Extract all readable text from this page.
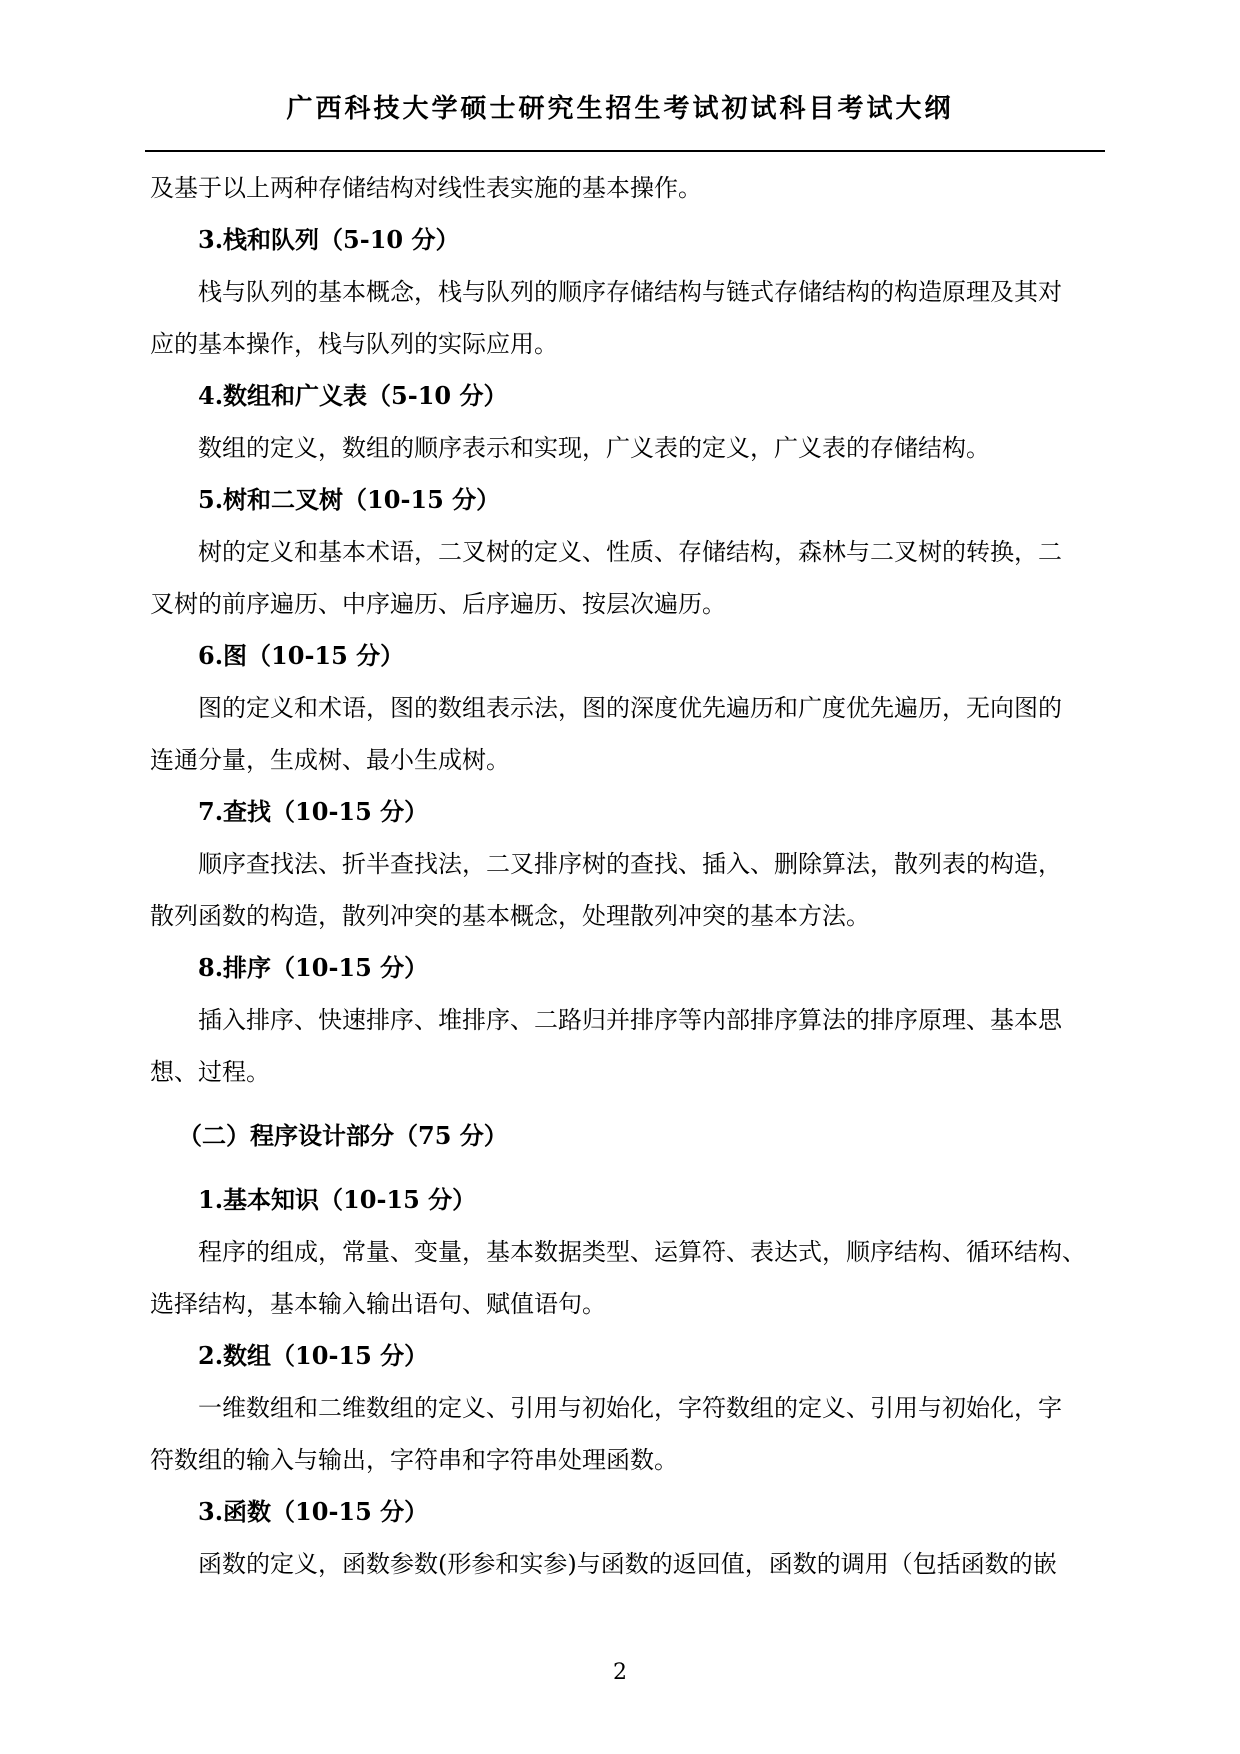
广西科技大学硕士研究生招生考试初试科目考试大纲
及基于以上两种存储结构对线性表实施的基本操作。
3.栈和队列（5-10 分）
栈与队列的基本概念，栈与队列的顺序存储结构与链式存储结构的构造原理及其对
应的基本操作，栈与队列的实际应用。
4.数组和广义表（5-10 分）
数组的定义，数组的顺序表示和实现，广义表的定义，广义表的存储结构。
5.树和二叉树（10-15 分）
树的定义和基本术语，二叉树的定义、性质、存储结构，森林与二叉树的转换，二
叉树的前序遍历、中序遍历、后序遍历、按层次遍历。
6.图（10-15 分）
图的定义和术语，图的数组表示法，图的深度优先遍历和广度优先遍历，无向图的
连通分量，生成树、最小生成树。
7.查找（10-15 分）
顺序查找法、折半查找法，二叉排序树的查找、插入、删除算法，散列表的构造，
散列函数的构造，散列冲突的基本概念，处理散列冲突的基本方法。
8.排序（10-15 分）
插入排序、快速排序、堆排序、二路归并排序等内部排序算法的排序原理、基本思
想、过程。
（二）程序设计部分（75 分）
1.基本知识（10-15 分）
程序的组成，常量、变量，基本数据类型、运算符、表达式，顺序结构、循环结构、
选择结构，基本输入输出语句、赋值语句。
2.数组（10-15 分）
一维数组和二维数组的定义、引用与初始化，字符数组的定义、引用与初始化，字
符数组的输入与输出，字符串和字符串处理函数。
3.函数（10-15 分）
函数的定义，函数参数(形参和实参)与函数的返回值，函数的调用（包括函数的嵌
2
